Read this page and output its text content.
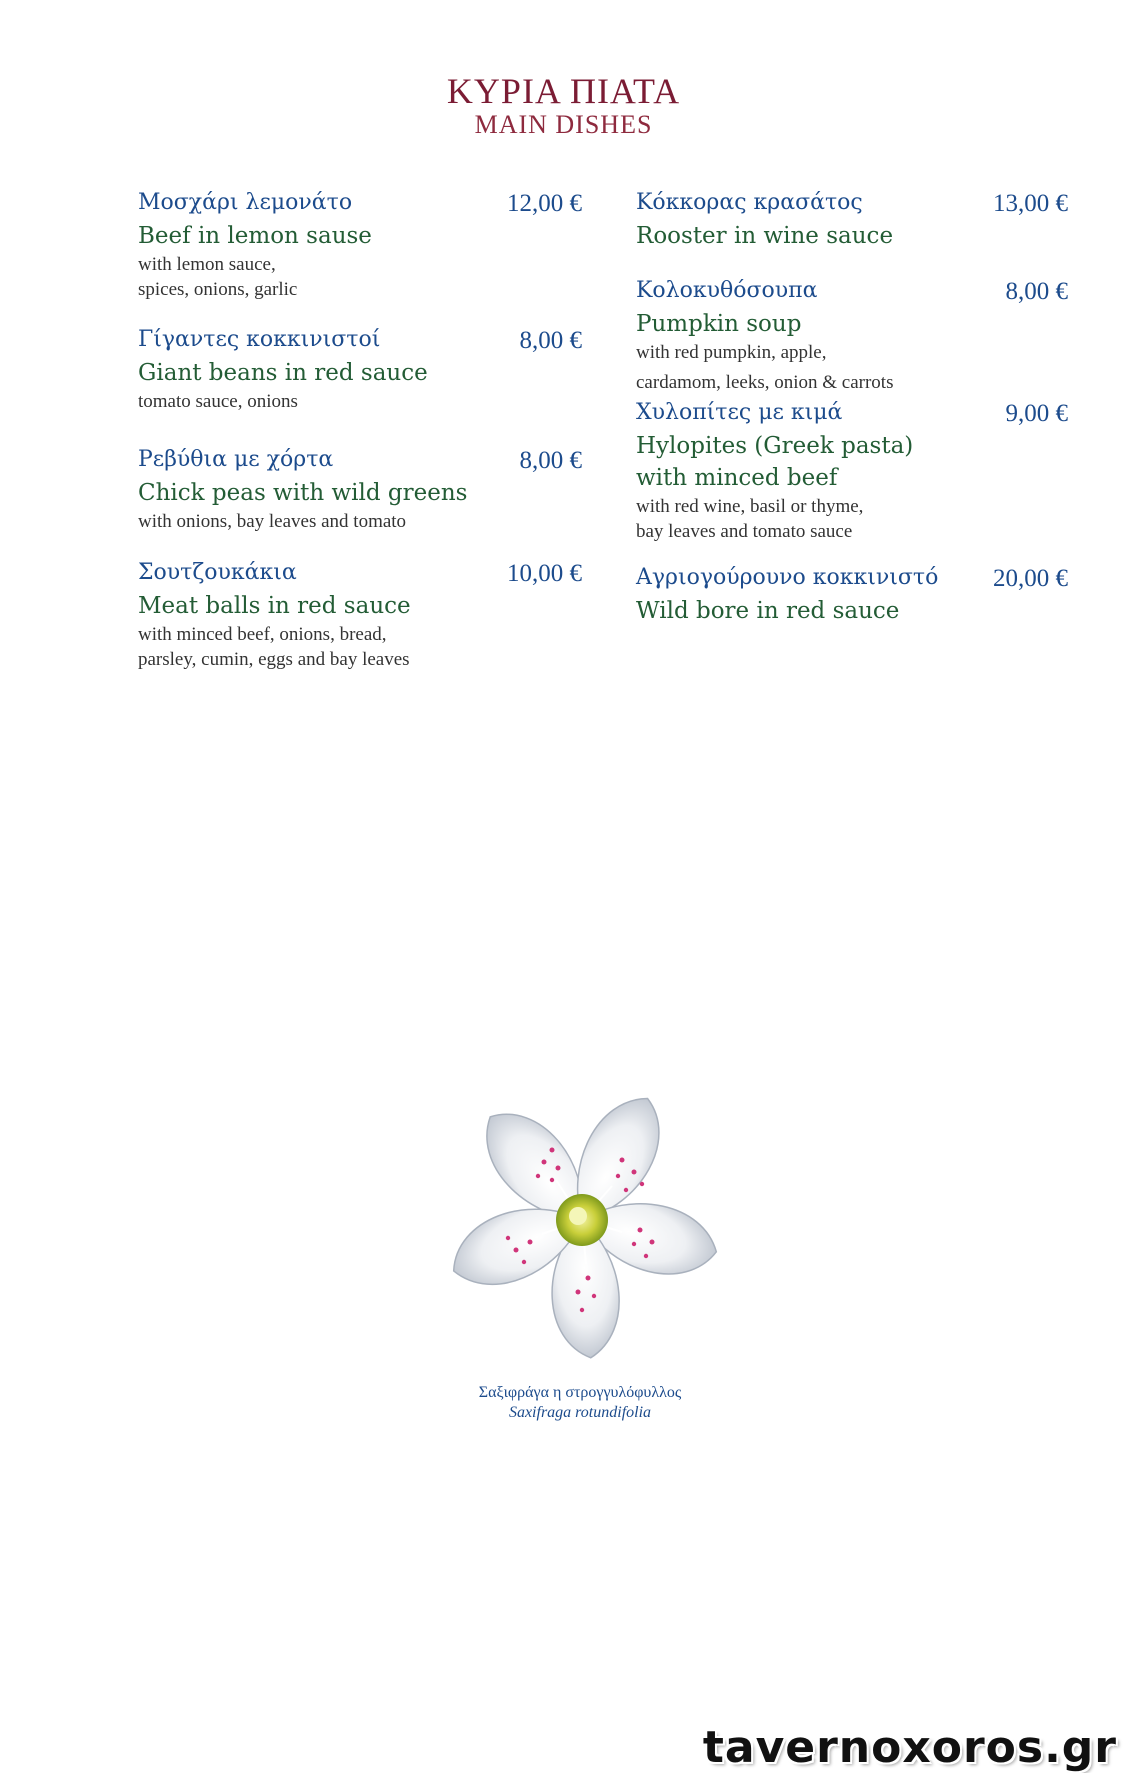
ΚΥΡΙΑ ΠΙΑΤΑ
MAIN DISHES
Μοσχάρι λεμονάτο	12,00 €
Beef in lemon sause
with lemon sauce,
spices, onions, garlic
Γίγαντες κοκκινιστοί	8,00 €
Giant beans in red sauce
tomato sauce, onions
Ρεβύθια με χόρτα	8,00 €
Chick peas with wild greens
with onions, bay leaves and tomato
Σουτζουκάκια	10,00 €
Meat balls in red sauce
with minced beef, onions, bread,
parsley, cumin, eggs and bay leaves
Κόκκορας κρασάτος	13,00 €
Rooster in wine sauce
Κολοκυθόσουπα	8,00 €
Pumpkin soup
with red pumpkin, apple,
cardamom, leeks, onion & carrots
Χυλοπίτες με κιμά	9,00 €
Hylopites (Greek pasta)
with minced beef
with red wine, basil or thyme,
bay leaves and tomato sauce
Αγριογούρουνο κοκκινιστό 20,00 €
Wild bore in red sauce
Σαξιφράγα η στρογγυλόφυλλος
Saxifraga rotundifolia
tavernoxoros.gr
